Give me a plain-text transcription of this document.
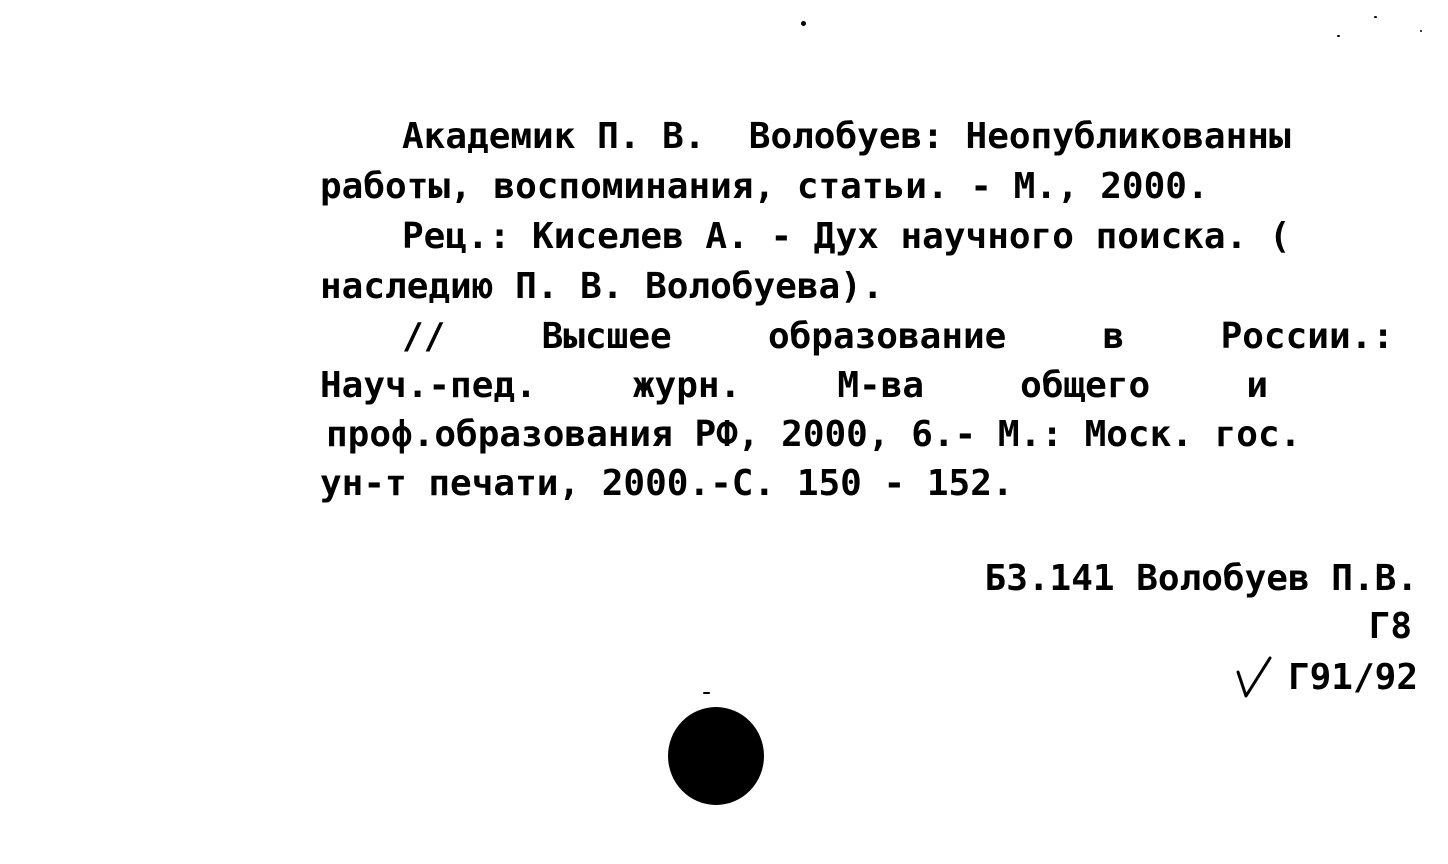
Академик П. В.  Волобуев: Неопубликованны
работы, воспоминания, статьи. - М., 2000.
Рец.: Киселев А. - Дух научного поиска. (
наследию П. В. Волобуева).
//	Высшее	образование	в	России.:
Науч.-пед.	журн.	М-ва	общего	и
проф.образования РФ, 2000, 6.- М.: Моск. гос.
ун-т печати, 2000.-С. 150 - 152.
Б3.141 Волобуев П.В.
Г8
Г91/92
